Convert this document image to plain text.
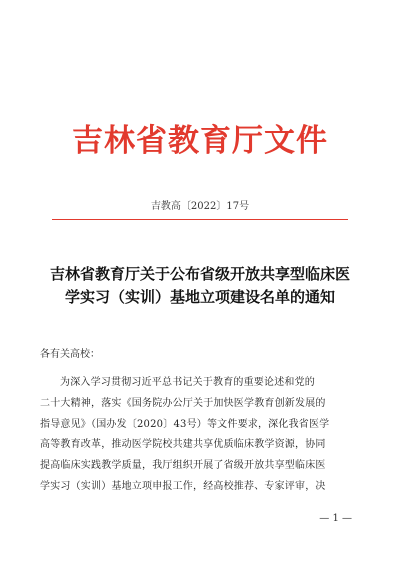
吉林省教育厅文件
吉教高〔2022〕17号
吉林省教育厅关于公布省级开放共享型临床医
学实习（实训）基地立项建设名单的通知
各有关高校：
为深入学习贯彻习近平总书记关于教育的重要论述和党的
二十大精神，落实《国务院办公厅关于加快医学教育创新发展的
指导意见》（国办发〔2020〕43号）等文件要求，深化我省医学
高等教育改革，推动医学院校共建共享优质临床教学资源，协同
提高临床实践教学质量，我厅组织开展了省级开放共享型临床医
学实习（实训）基地立项申报工作，经高校推荐、专家评审，决
— 1 —
